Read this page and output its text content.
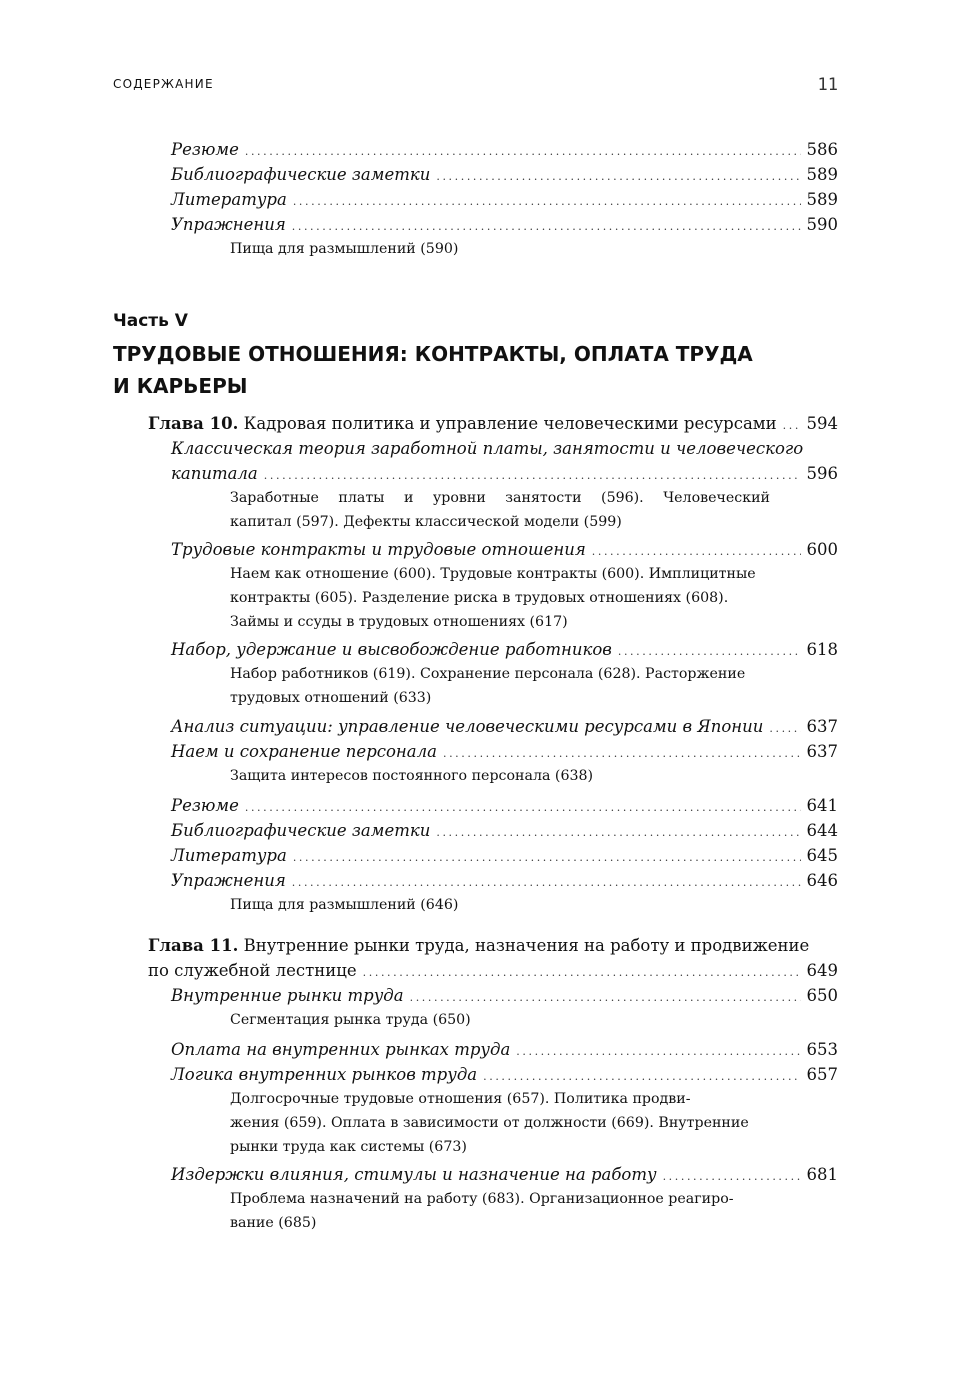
СОДЕРЖАНИЕ	11
Резюме .....	586
Библиографические заметки .....	589
Литература .....	589
Упражнения .....	590
Пища для размышлений (590)
Часть V
ТРУДОВЫЕ ОТНОШЕНИЯ: КОНТРАКТЫ, ОПЛАТА ТРУДА
И КАРЬЕРЫ
Глава 10. Кадровая политика и управление человеческими ресурсами ..... 594
Классическая теория заработной платы, занятости и человеческого
капитала .....	596
Заработные платы и уровни занятости (596). Человеческий
капитал (597). Дефекты классической модели (599)
Трудовые контракты и трудовые отношения .....	600
Наем как отношение (600). Трудовые контракты (600). Имплицитные
контракты (605). Разделение риска в трудовых отношениях (608).
Займы и ссуды в трудовых отношениях (617)
Набор, удержание и высвобождение работников .....	618
Набор работников (619). Сохранение персонала (628). Расторжение
трудовых отношений (633)
Анализ ситуации: управление человеческими ресурсами в Японии .....	637
Наем и сохранение персонала .....	637
Защита интересов постоянного персонала (638)
Резюме .....	641
Библиографические заметки .....	644
Литература .....	645
Упражнения .....	646
Пища для размышлений (646)
Глава 11. Внутренние рынки труда, назначения на работу и продвижение
по служебной лестнице .....	649
Внутренние рынки труда .....	650
Сегментация рынка труда (650)
Оплата на внутренних рынках труда .....	653
Логика внутренних рынков труда .....	657
Долгосрочные трудовые отношения (657). Политика продви-
жения (659). Оплата в зависимости от должности (669). Внутренние
рынки труда как системы (673)
Издержки влияния, стимулы и назначение на работу .....	681
Проблема назначений на работу (683). Организационное реагиро-
вание (685)
